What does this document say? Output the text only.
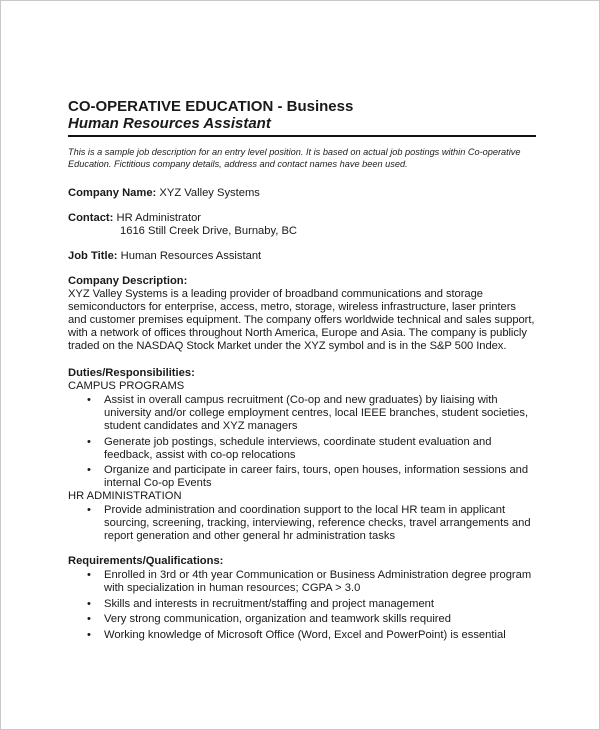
CO-OPERATIVE EDUCATION - Business
Human Resources Assistant
This is a sample job description for an entry level position. It is based on actual job postings within Co-operative Education. Fictitious company details, address and contact names have been used.
Company Name: XYZ Valley Systems
Contact: HR Administrator
1616 Still Creek Drive, Burnaby, BC
Job Title: Human Resources Assistant
Company Description:
XYZ Valley Systems is a leading provider of broadband communications and storage semiconductors for enterprise, access, metro, storage, wireless infrastructure, laser printers and customer premises equipment. The company offers worldwide technical and sales support, with a network of offices throughout North America, Europe and Asia. The company is publicly traded on the NASDAQ Stock Market under the XYZ symbol and is in the S&P 500 Index.
Duties/Responsibilities:
CAMPUS PROGRAMS
• Assist in overall campus recruitment (Co-op and new graduates) by liaising with university and/or college employment centres, local IEEE branches, student societies, student candidates and XYZ managers
• Generate job postings, schedule interviews, coordinate student evaluation and feedback, assist with co-op relocations
• Organize and participate in career fairs, tours, open houses, information sessions and internal Co-op Events
HR ADMINISTRATION
• Provide administration and coordination support to the local HR team in applicant sourcing, screening, tracking, interviewing, reference checks, travel arrangements and report generation and other general hr administration tasks
Requirements/Qualifications:
• Enrolled in 3rd or 4th year Communication or Business Administration degree program with specialization in human resources; CGPA > 3.0
• Skills and interests in recruitment/staffing and project management
• Very strong communication, organization and teamwork skills required
• Working knowledge of Microsoft Office (Word, Excel and PowerPoint) is essential
